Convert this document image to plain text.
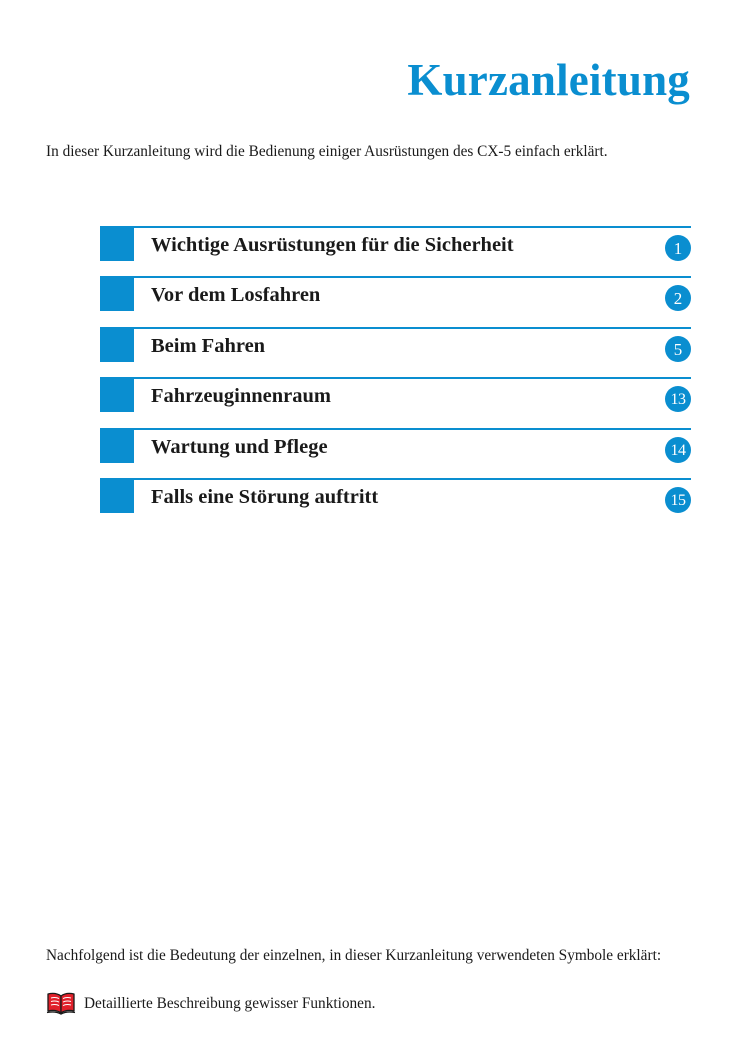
Kurzanleitung
In dieser Kurzanleitung wird die Bedienung einiger Ausrüstungen des CX-5 einfach erklärt.
Wichtige Ausrüstungen für die Sicherheit	1
Vor dem Losfahren	2
Beim Fahren	5
Fahrzeuginnenraum	13
Wartung und Pflege	14
Falls eine Störung auftritt	15
Nachfolgend ist die Bedeutung der einzelnen, in dieser Kurzanleitung verwendeten Symbole erklärt:
Detaillierte Beschreibung gewisser Funktionen.
